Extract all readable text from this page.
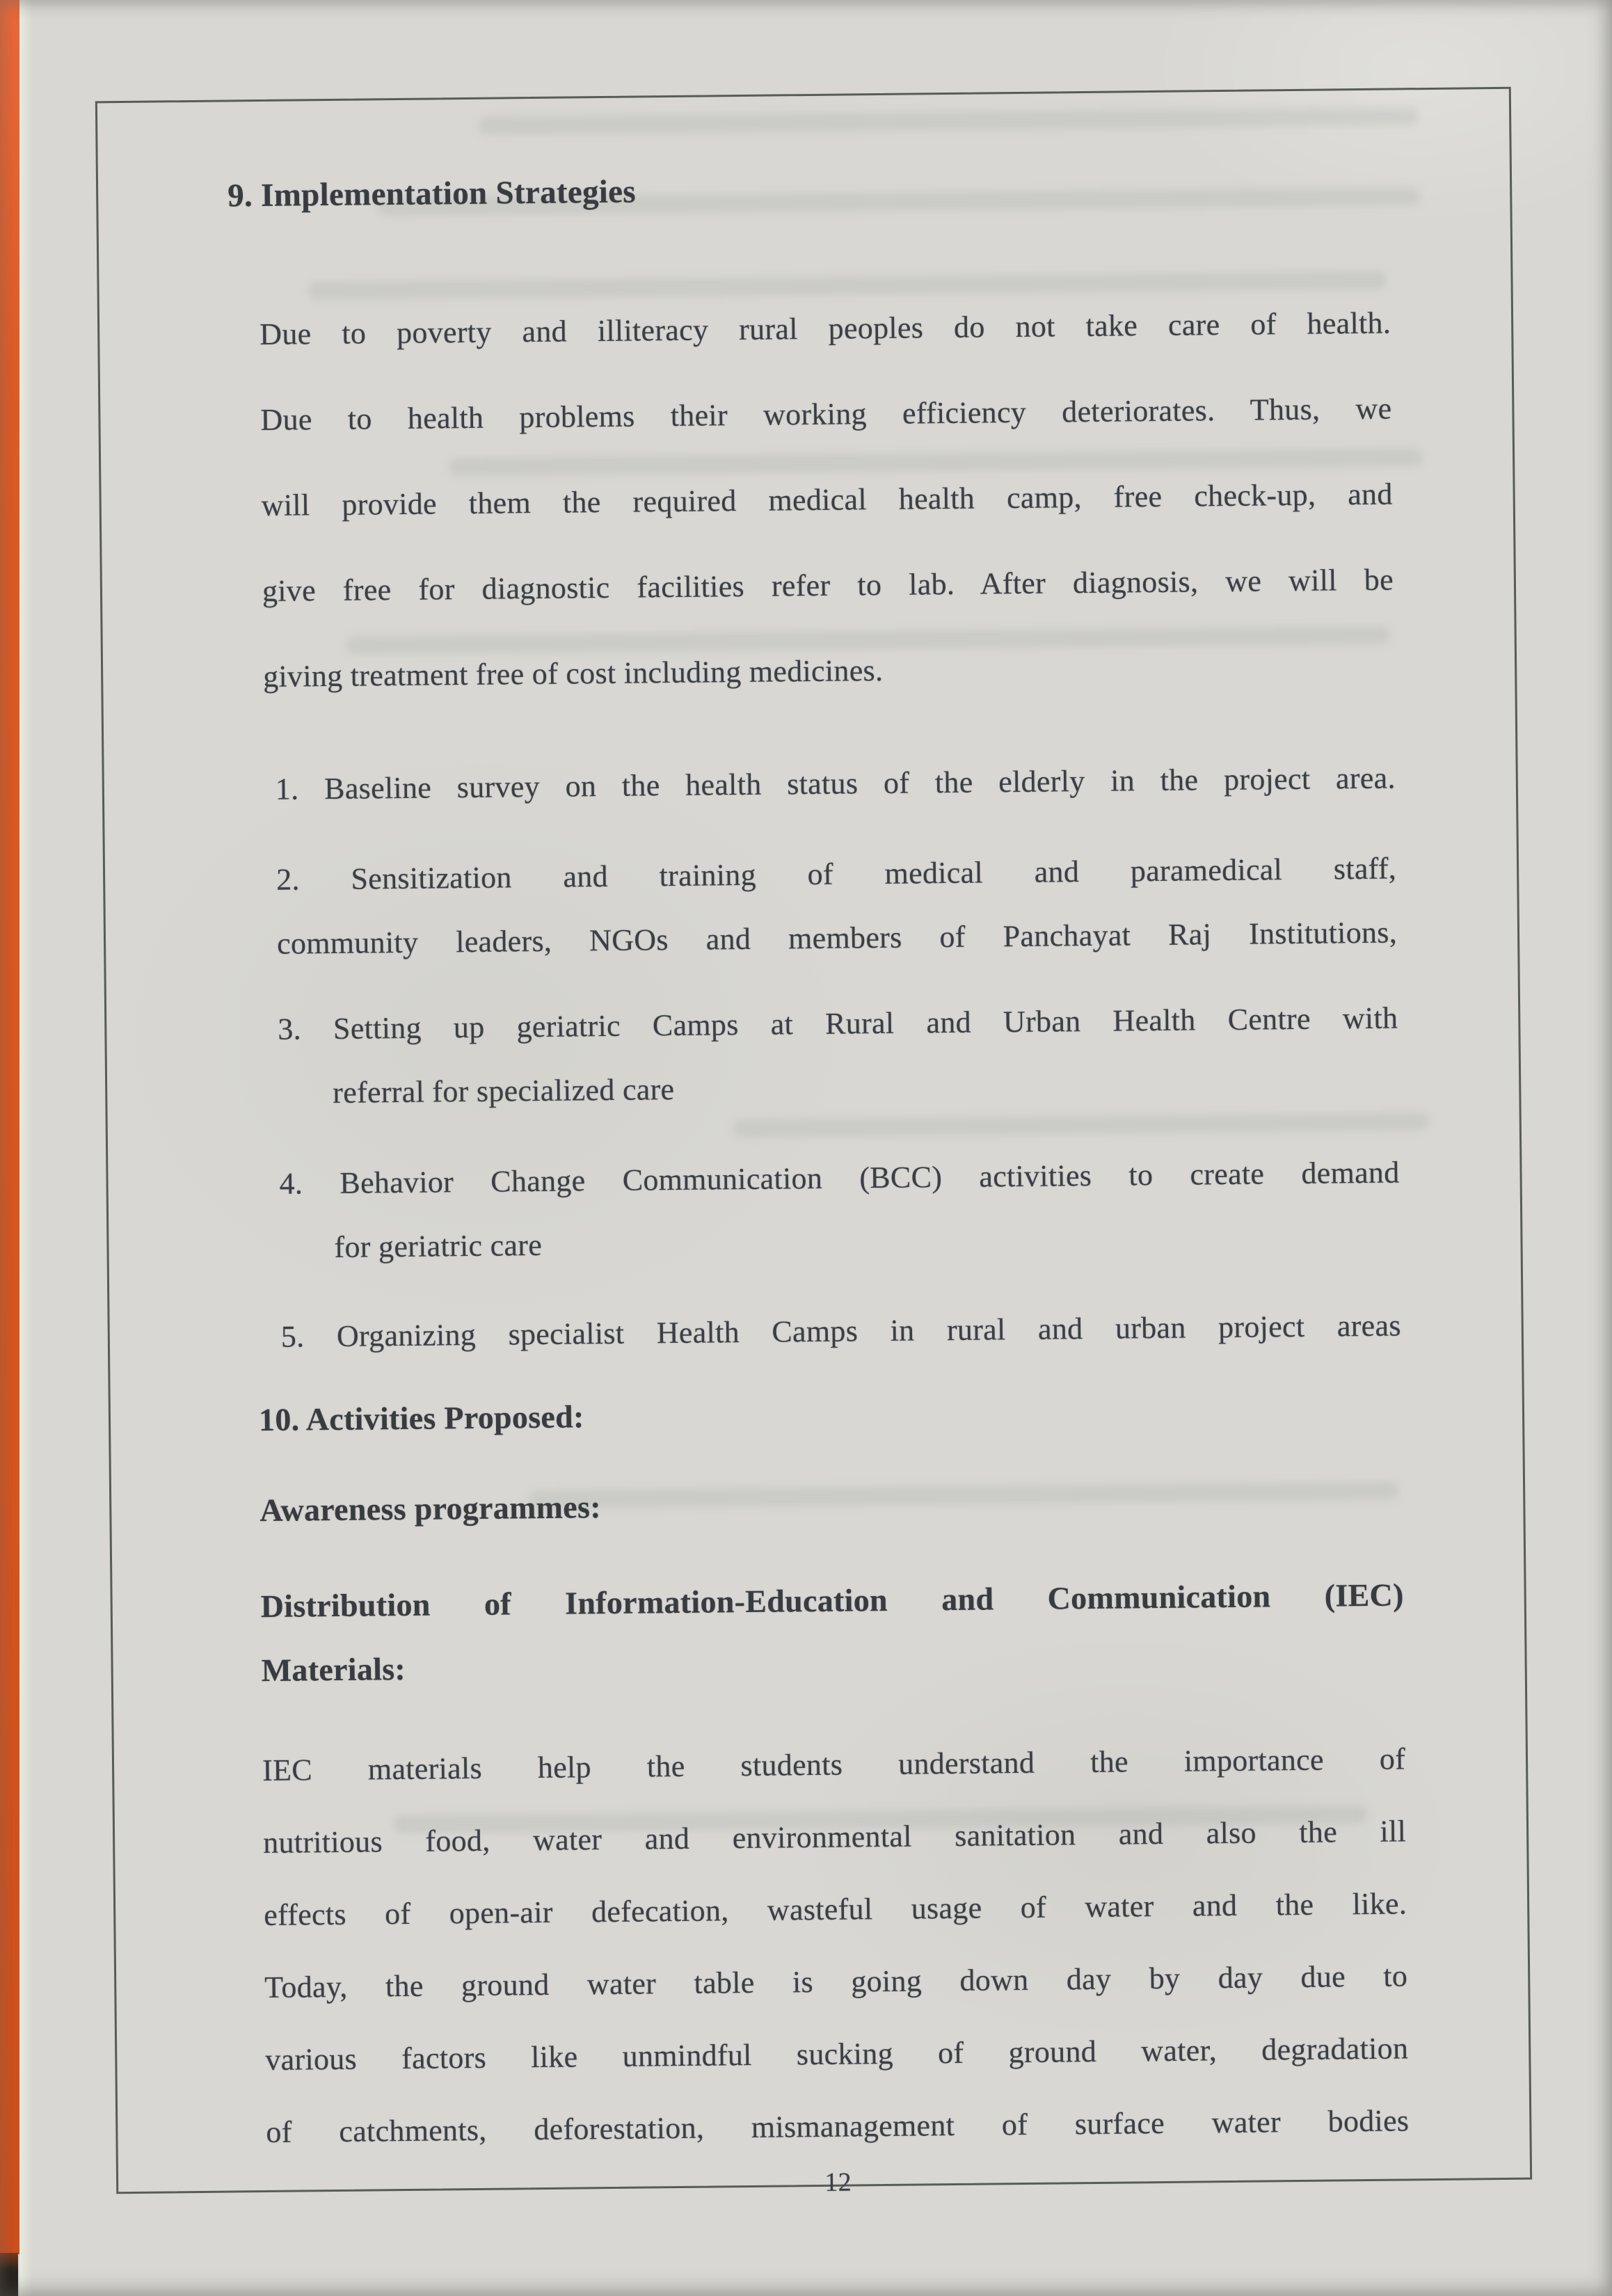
9. Implementation Strategies
Due to poverty and illiteracy rural peoples do not take care of health.
Due to health problems their working efficiency deteriorates. Thus, we
will provide them the required medical health camp, free check-up, and
give free for diagnostic facilities refer to lab. After diagnosis, we will be
giving treatment free of cost including medicines.
1. Baseline survey on the health status of the elderly in the project area.
2. Sensitization and training of medical and paramedical staff,
community leaders, NGOs and members of Panchayat Raj Institutions,
3. Setting up geriatric Camps at Rural and Urban Health Centre with
referral for specialized care
4. Behavior Change Communication (BCC) activities to create demand
for geriatric care
5. Organizing specialist Health Camps in rural and urban project areas
10. Activities Proposed:
Awareness programmes:
Distribution of Information-Education and Communication (IEC)
Materials:
IEC materials help the students understand the importance of
nutritious food, water and environmental sanitation and also the ill
effects of open-air defecation, wasteful usage of water and the like.
Today, the ground water table is going down day by day due to
various factors like unmindful sucking of ground water, degradation
of catchments, deforestation, mismanagement of surface water bodies
12
